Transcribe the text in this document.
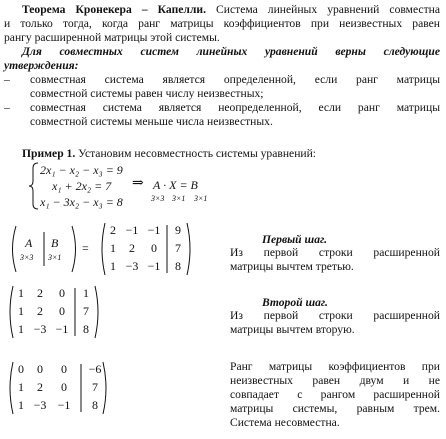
Теорема Кронекера – Капелли. Система линейных уравнений совместна
и только тогда, когда ранг матрицы коэффициентов при неизвестных равен
рангу расширенной матрицы этой системы.
Для совместных систем линейных уравнений верны следующие
утверждения:
– совместная система является определенной, если ранг матрицы
совместной системы равен числу неизвестных;
– совместная система является неопределенной, если ранг матрицы
совместной системы меньше числа неизвестных.
Пример 1. Установим несовместность системы уравнений:
2x₁ − x₂ − x₃ = 9
x₁ + 2x₂ = 7
x₁ − 3x₂ − x₃ = 8
⇒ A · X = B
3×3 3×1 3×1
A
3×3
B
3×1
=
2 −1 −1	9
1	2	0	7
1 −3 −1	8
Первый шаг.
Из первой строки расширенной
матрицы вычтем третью.
1	2	0	1
1	2	0	7
1 −3 −1	8
Второй шаг.
Из первой строки расширенной
матрицы вычтем вторую.
0	0	0	−6
1	2	0	7
1 −3 −1	8
Ранг матрицы коэффициентов при
неизвестных равен двум и не
совпадает с рангом расширенной
матрицы системы, равным трем.
Система несовместна.
